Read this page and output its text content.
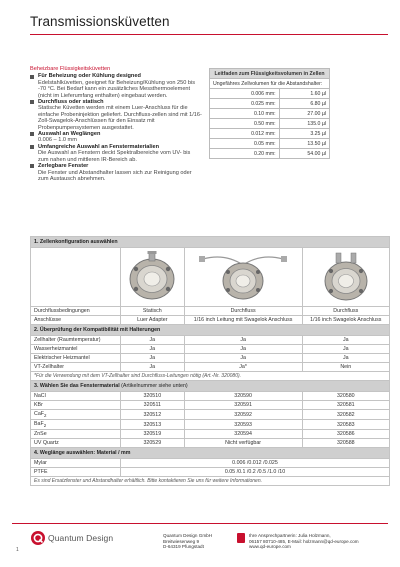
Transmissionsküvetten
Beheizbare Flüssigkeitsküvetten
Für Beheizung oder Kühlung designed
Edelstahlküvetten, geeignet für Beheizung/Kühlung von 250 bis -70 °C. Bei Bedarf kann ein zusätzliches Messthermoelement (nicht im Lieferumfang enthalten) eingebaut werden.
Durchfluss oder statisch
Statische Küvetten werden mit einem Luer-Anschluss für die einfache Probeninjektion geliefert. Durchfluss-zellen sind mit 1/16-Zoll-Swagelok-Anschlüssen für den Einsatz mit Probenpumpensystemen ausgestattet.
Auswahl an Weglängen
0.006 – 1.0 mm
Umfangreiche Auswahl an Fenstermaterialien
Die Auswahl an Fenstern deckt Spektralbereiche vom UV- bis zum nahen und mittleren IR-Bereich ab.
Zerlegbare Fenster
Die Fenster und Abstandhalter lassen sich zur Reinigung oder zum Austausch abnehmen.
Leitfaden zum Flüssigkeitsvolumen in Zellen	
Ungefähres Zellvolumen für die Abstandshalter:	
0.006 mm:	1.60 µl
0.025 mm:	6.80 µl
0.10 mm:	27.00 µl
0.50 mm:	135.0 µl
0.012 mm:	3.25 µl
0.05 mm:	13.50 µl
0.20 mm:	54.00 µl
1. Zellenkonfiguration auswählen			

Durchflussbedingungen	Statisch	Durchfluss	Durchfluss
Anschlüsse	Luer Adapter	1/16 inch Leitung mit Swagelok Anschluss	1/16 inch Swagelok Anschluss
2. Überprüfung der Kompatibilität mit Halterungen			
Zellhalter (Raumtemperatur)	Ja	Ja	Ja
Wasserheizmantel	Ja	Ja	Ja
Elektrischer Heizmantel	Ja	Ja	Ja
VT-Zellhalter	Ja	Ja*	Nein
*Für die Verwendung mit dem VT-Zellhalter sind Durchfluss-Leitungen nötig (Art.-Nr. 320080).			
3. Wählen Sie das Fenstermaterial (Artikelnummer siehe unten)			
NaCl	320510	320590	320580
KBr	320511	320591	320581
CaF$_2$	320512	320592	320582
BaF$_2$	320513	320593	320583
ZnSe	320519	320594	320586
UV Quartz	320529	Nicht verfügbar	320588
4. Weglänge auswählen: Material / mm			
Mylar	0.006 /0.012 /0.025		
PTFE	0.05 /0.1 /0.2 /0.5 /1.0 /10		
Es sind Ersatzfenster und Abstandhalter erhältlich. Bitte kontaktieren Sie uns für weitere Informationen.			
1
Quantum Design	Quantum Design GmbH
Breitwiesenweg 9
D-64319 Pfungstadt
Ihre Ansprechpartnerin: Julia Holzmann,
06157 80710-485, E-Mail: holzmann@qd-europe.com
www.qd-europe.com
